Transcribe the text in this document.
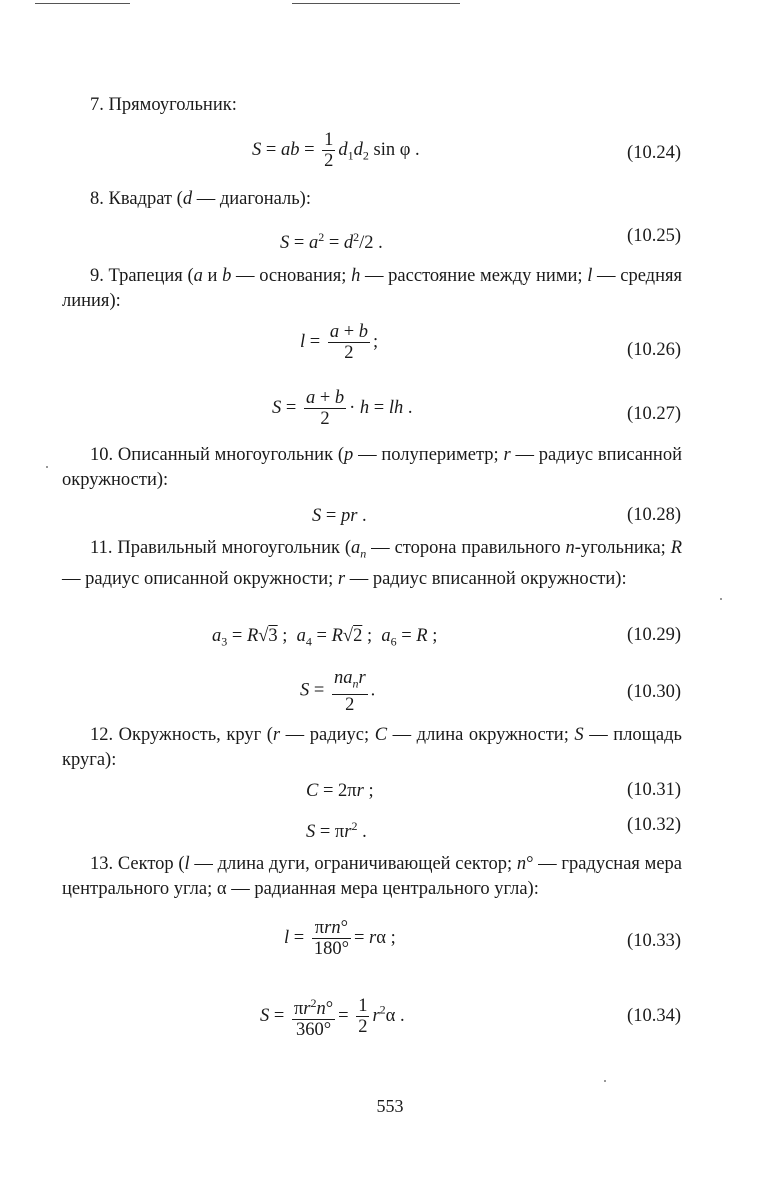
7. Прямоугольник:
S = ab = $\frac{1}{2} d_1d_2$ sin φ .	(10.24)
8. Квадрат (d — диагональ):
$S = a^2 = d^2/2$ .	(10.25)
9. Трапеция (a и b — основания; h — расстояние между ними; l — средняя линия):
$l = \frac{a + b}{2}$ ;	(10.26)
$S = \frac{a + b}{2} \cdot h$ = lh .	(10.27)
10. Описанный многоугольник (p — полупериметр; r — радиус вписанной окружности):
S = pr .	(10.28)
11. Правильный многоугольник ($a_n$ — сторона правильного n-угольника; R — радиус описанной окружности; r — радиус вписанной окружности):
$a_3 = R√3$ ;  $a_4 = R√2$ ;  $a_6 = R$ ;	(10.29)
$S = \frac{na_nr}{2}$ .	(10.30)
12. Окружность, круг (r — радиус; C — длина окружности; S — площадь круга):
C = 2πr ;	(10.31)
$S = \pi r^2$ .	(10.32)
13. Сектор (l — длина дуги, ограничивающей сектор; n° — градусная мера центрального угла; α — радианная мера центрального угла):
$l = \frac{\text{πrn°}}{180^\circ} = r\alpha$ ;	(10.33)
$S = \frac{\pi r^2n^\circ}{360^\circ} = \frac{1}{2} r^2\alpha$ .	(10.34)
553
